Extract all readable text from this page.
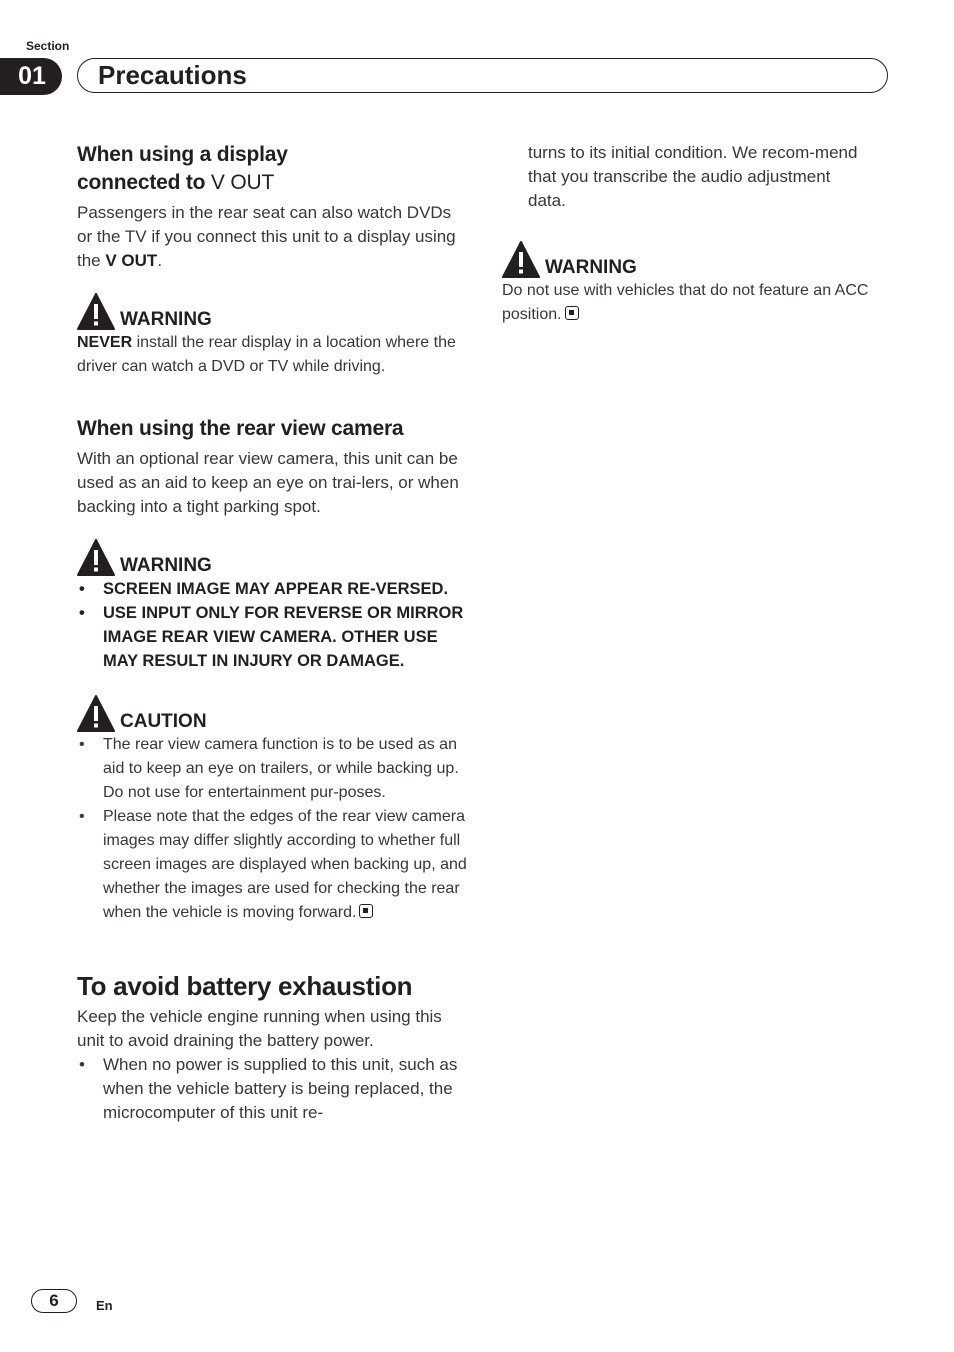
Section
01	Precautions
When using a display
connected to V OUT

Passengers in the rear seat can also watch DVDs or the TV if you connect this unit to a display using the V OUT.

WARNING

NEVER install the rear display in a location where the driver can watch a DVD or TV while driving.

When using the rear view camera

With an optional rear view camera, this unit can be used as an aid to keep an eye on trai-lers, or when backing into a tight parking spot.

WARNING
• SCREEN IMAGE MAY APPEAR RE-VERSED.
• USE INPUT ONLY FOR REVERSE OR MIRROR IMAGE REAR VIEW CAMERA. OTHER USE MAY RESULT IN INJURY OR DAMAGE.
CAUTION
• The rear view camera function is to be used as an aid to keep an eye on trailers, or while backing up. Do not use for entertainment pur-poses.
• Please note that the edges of the rear view camera images may differ slightly according to whether full screen images are displayed when backing up, and whether the images are used for checking the rear when the vehicle is moving forward.
To avoid battery exhaustion

Keep the vehicle engine running when using this unit to avoid draining the battery power.

• When no power is supplied to this unit, such as when the vehicle battery is being replaced, the microcomputer of this unit re-

turns to its initial condition. We recom-mend that you transcribe the audio adjustment data.

WARNING

Do not use with vehicles that do not feature an ACC position.

6	En
